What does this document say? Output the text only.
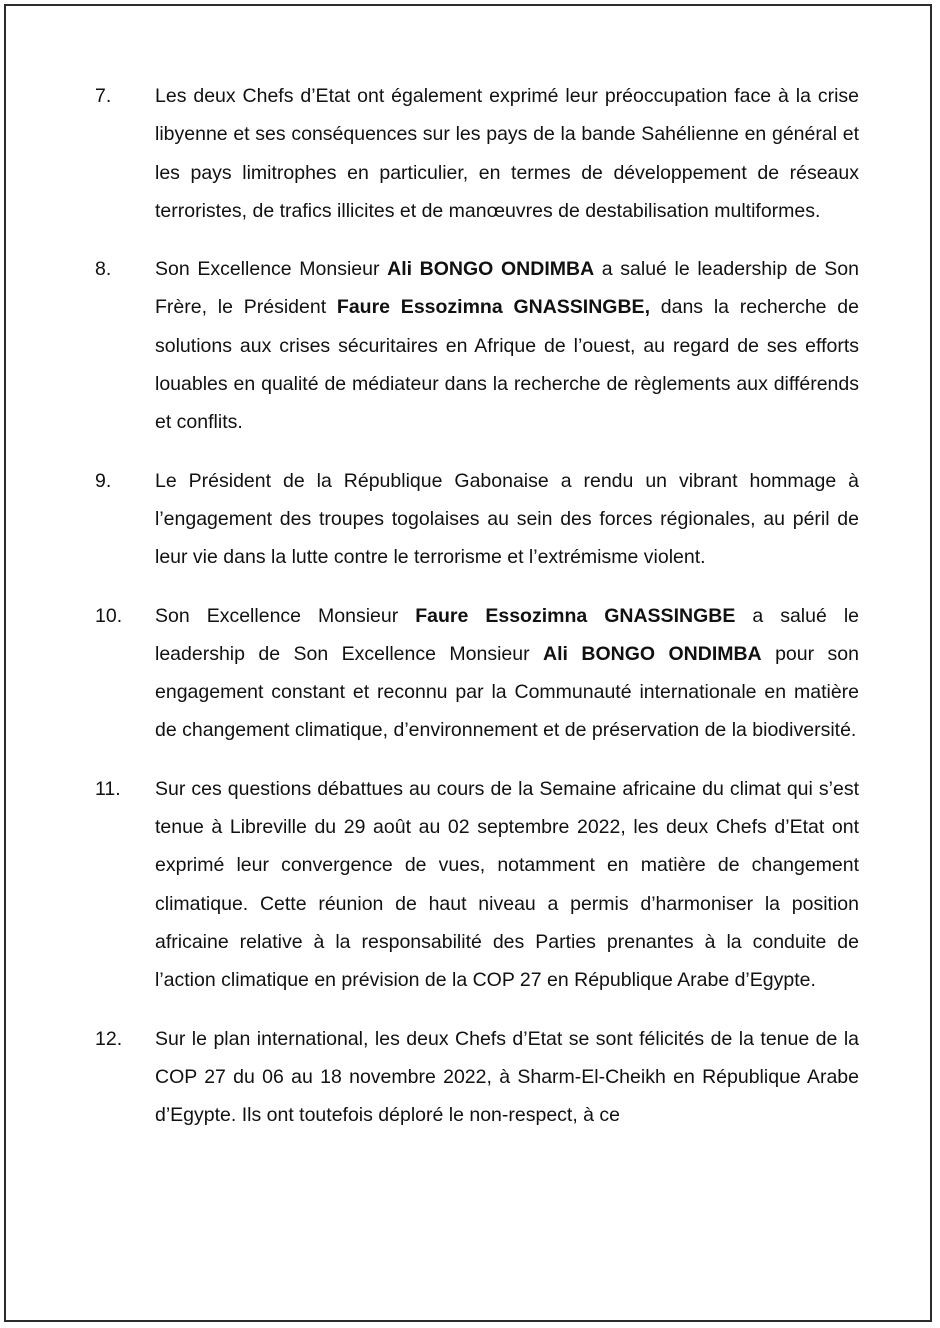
7.	Les deux Chefs d’Etat ont également exprimé leur préoccupation face à la crise libyenne et ses conséquences sur les pays de la bande Sahélienne en général et les pays limitrophes en particulier, en termes de développement de réseaux terroristes, de trafics illicites et de manœuvres de destabilisation multiformes.
8.	Son Excellence Monsieur Ali BONGO ONDIMBA a salué le leadership de Son Frère, le Président Faure Essozimna GNASSINGBE, dans la recherche de solutions aux crises sécuritaires en Afrique de l’ouest, au regard de ses efforts louables en qualité de médiateur dans la recherche de règlements aux différends et conflits.
9.	Le Président de la République Gabonaise a rendu un vibrant hommage à l’engagement des troupes togolaises au sein des forces régionales, au péril de leur vie dans la lutte contre le terrorisme et l’extrémisme violent.
10.	Son Excellence Monsieur Faure Essozimna GNASSINGBE a salué le leadership de Son Excellence Monsieur Ali BONGO ONDIMBA pour son engagement constant et reconnu par la Communauté internationale en matière de changement climatique, d’environnement et de préservation de la biodiversité.
11.	Sur ces questions débattues au cours de la Semaine africaine du climat qui s’est tenue à Libreville du 29 août au 02 septembre 2022, les deux Chefs d’Etat ont exprimé leur convergence de vues, notamment en matière de changement climatique. Cette réunion de haut niveau a permis d’harmoniser la position africaine relative à la responsabilité des Parties prenantes à la conduite de l’action climatique en prévision de la COP 27 en République Arabe d’Egypte.
12.	Sur le plan international, les deux Chefs d’Etat se sont félicités de la tenue de la COP 27 du 06 au 18 novembre 2022, à Sharm-El-Cheikh en République Arabe d’Egypte. Ils ont toutefois déploré le non-respect, à ce
